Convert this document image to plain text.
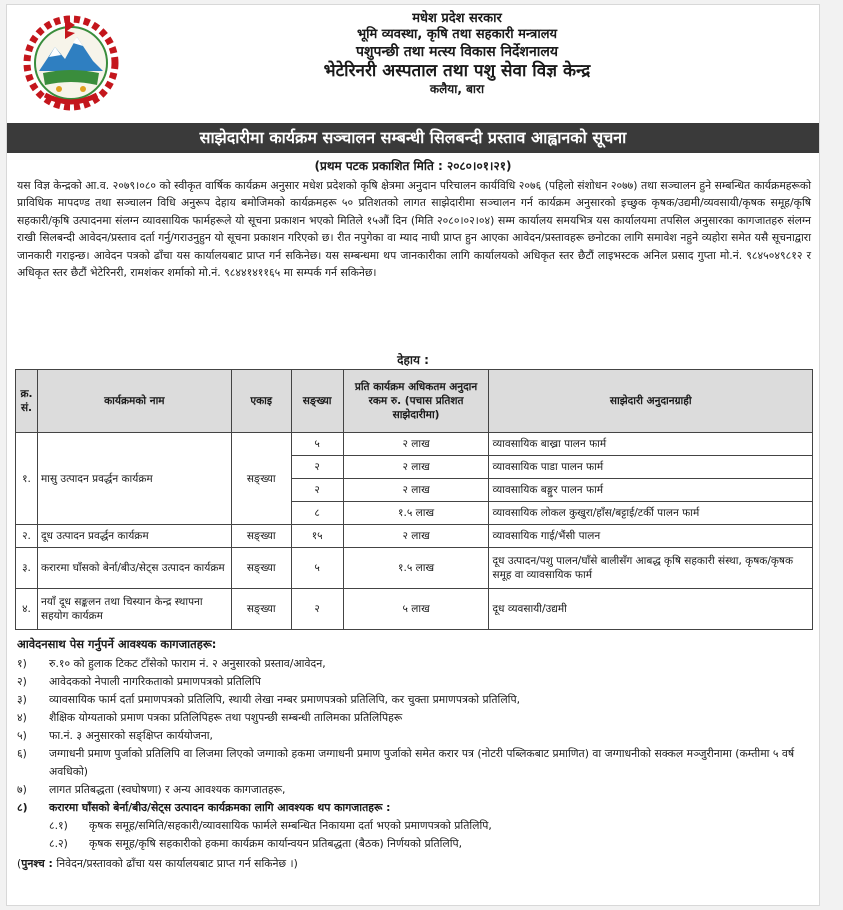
मधेश प्रदेश सरकार
भूमि व्यवस्था, कृषि तथा सहकारी मन्त्रालय
पशुपन्छी तथा मत्स्य विकास निर्देशनालय
भेटेरिनरी अस्पताल तथा पशु सेवा विज्ञ केन्द्र
कलैया, बारा
साझेदारीमा कार्यक्रम सञ्चालन सम्बन्धी सिलबन्दी प्रस्ताव आह्वानको सूचना
(प्रथम पटक प्रकाशित मिति : २०८०।०१।२१)
यस विज्ञ केन्द्रको आ.व. २०७९।०८० को स्वीकृत वार्षिक कार्यक्रम अनुसार मधेश प्रदेशको कृषि क्षेत्रमा अनुदान परिचालन कार्यविधि २०७६ (पहिलो संशोधन २०७७) तथा सञ्चालन हुने सम्बन्धित कार्यक्रमहरूको प्राविधिक मापदण्ड तथा सञ्चालन विधि अनुरूप देहाय बमोजिमको कार्यक्रमहरू ५० प्रतिशतको लागत साझेदारीमा सञ्चालन गर्न कार्यक्रम अनुसारको इच्छुक कृषक/उद्यमी/व्यवसायी/कृषक समूह/कृषि सहकारी/कृषि उत्पादनमा संलग्न व्यावसायिक फार्महरूले यो सूचना प्रकाशन भएको मितिले १५औं दिन (मिति २०८०।०२।०४) सम्म कार्यालय समयभित्र यस कार्यालयमा तपसिल अनुसारका कागजातहरु संलग्न राखी सिलबन्दी आवेदन/प्रस्ताव दर्ता गर्नु/गराउनुहुन यो सूचना प्रकाशन गरिएको छ। रीत नपुगेका वा म्याद नाघी प्राप्त हुन आएका आवेदन/प्रस्तावहरू छनोटका लागि समावेश नहुने व्यहोरा समेत यसै सूचनाद्वारा जानकारी गराइन्छ। आवेदन पत्रको ढाँचा यस कार्यालयबाट प्राप्त गर्न सकिनेछ। यस सम्बन्धमा थप जानकारीका लागि कार्यालयको अधिकृत स्तर छैटौं लाइभस्टक अनिल प्रसाद गुप्ता मो.नं. ९८४५०४९८१२ र अधिकृत स्तर छैटौं भेटेरिनरी, रामशंकर शर्माको मो.नं. ९८४४१४११६५ मा सम्पर्क गर्न सकिनेछ।
देहाय :
क्र. सं.	कार्यक्रमको नाम	एकाइ	सङ्ख्या	प्रति कार्यक्रम अधिकतम अनुदान रकम रु. (पचास प्रतिशत साझेदारीमा)	साझेदारी अनुदानग्राही
१.	मासु उत्पादन प्रवर्द्धन कार्यक्रम	सङ्ख्या	५	२ लाख	व्यावसायिक बाख्रा पालन फार्म
			२	२ लाख	व्यावसायिक पाडा पालन फार्म
			२	२ लाख	व्यावसायिक बङ्गुर पालन फार्म
			८	१.५ लाख	व्यावसायिक लोकल कुखुरा/हाँस/बट्टाई/टर्की पालन फार्म
२.	दूध उत्पादन प्रवर्द्धन कार्यक्रम	सङ्ख्या	१५	२ लाख	व्यावसायिक गाई/भैंसी पालन
३.	करारमा घाँसको बेर्ना/बीउ/सेट्स उत्पादन कार्यक्रम	सङ्ख्या	५	१.५ लाख	दूध उत्पादन/पशु पालन/घाँसे बालीसँग आबद्ध कृषि सहकारी संस्था, कृषक/कृषक समूह वा व्यावसायिक फार्म
४.	नयाँ दूध सङ्कलन तथा चिस्यान केन्द्र स्थापना सहयोग कार्यक्रम	सङ्ख्या	२	५ लाख	दूध व्यवसायी/उद्यमी
आवेदनसाथ पेस गर्नुपर्ने आवश्यक कागजातहरू:
१)	रु.१० को हुलाक टिकट टाँसेको फाराम नं. २ अनुसारको प्रस्ताव/आवेदन,
२)	आवेदकको नेपाली नागरिकताको प्रमाणपत्रको प्रतिलिपि
३)	व्यावसायिक फार्म दर्ता प्रमाणपत्रको प्रतिलिपि, स्थायी लेखा नम्बर प्रमाणपत्रको प्रतिलिपि, कर चुक्ता प्रमाणपत्रको प्रतिलिपि,
४)	शैक्षिक योग्यताको प्रमाण पत्रका प्रतिलिपिहरू तथा पशुपन्छी सम्बन्धी तालिमका प्रतिलिपिहरू
५)	फा.नं. ३ अनुसारको सङ्क्षिप्त कार्ययोजना,
६)	जग्गाधनी प्रमाण पुर्जाको प्रतिलिपि वा लिजमा लिएको जग्गाको हकमा जग्गाधनी प्रमाण पुर्जाको समेत करार पत्र (नोटरी पब्लिकबाट प्रमाणित) वा जग्गाधनीको सक्कल मञ्जुरीनामा (कम्तीमा ५ वर्ष अवधिको)
७)	लागत प्रतिबद्धता (स्वघोषणा) र अन्य आवश्यक कागजातहरू,
८)	करारमा घाँसको बेर्ना/बीउ/सेट्स उत्पादन कार्यक्रमका लागि आवश्यक थप कागजातहरू :
८.१)	कृषक समूह/समिति/सहकारी/व्यावसायिक फार्मले सम्बन्धित निकायमा दर्ता भएको प्रमाणपत्रको प्रतिलिपि,
८.२)	कृषक समूह/कृषि सहकारीको हकमा कार्यक्रम कार्यान्वयन प्रतिबद्धता (बैठक) निर्णयको प्रतिलिपि,
(पुनश्च : निवेदन/प्रस्तावको ढाँचा यस कार्यालयबाट प्राप्त गर्न सकिनेछ ।)
